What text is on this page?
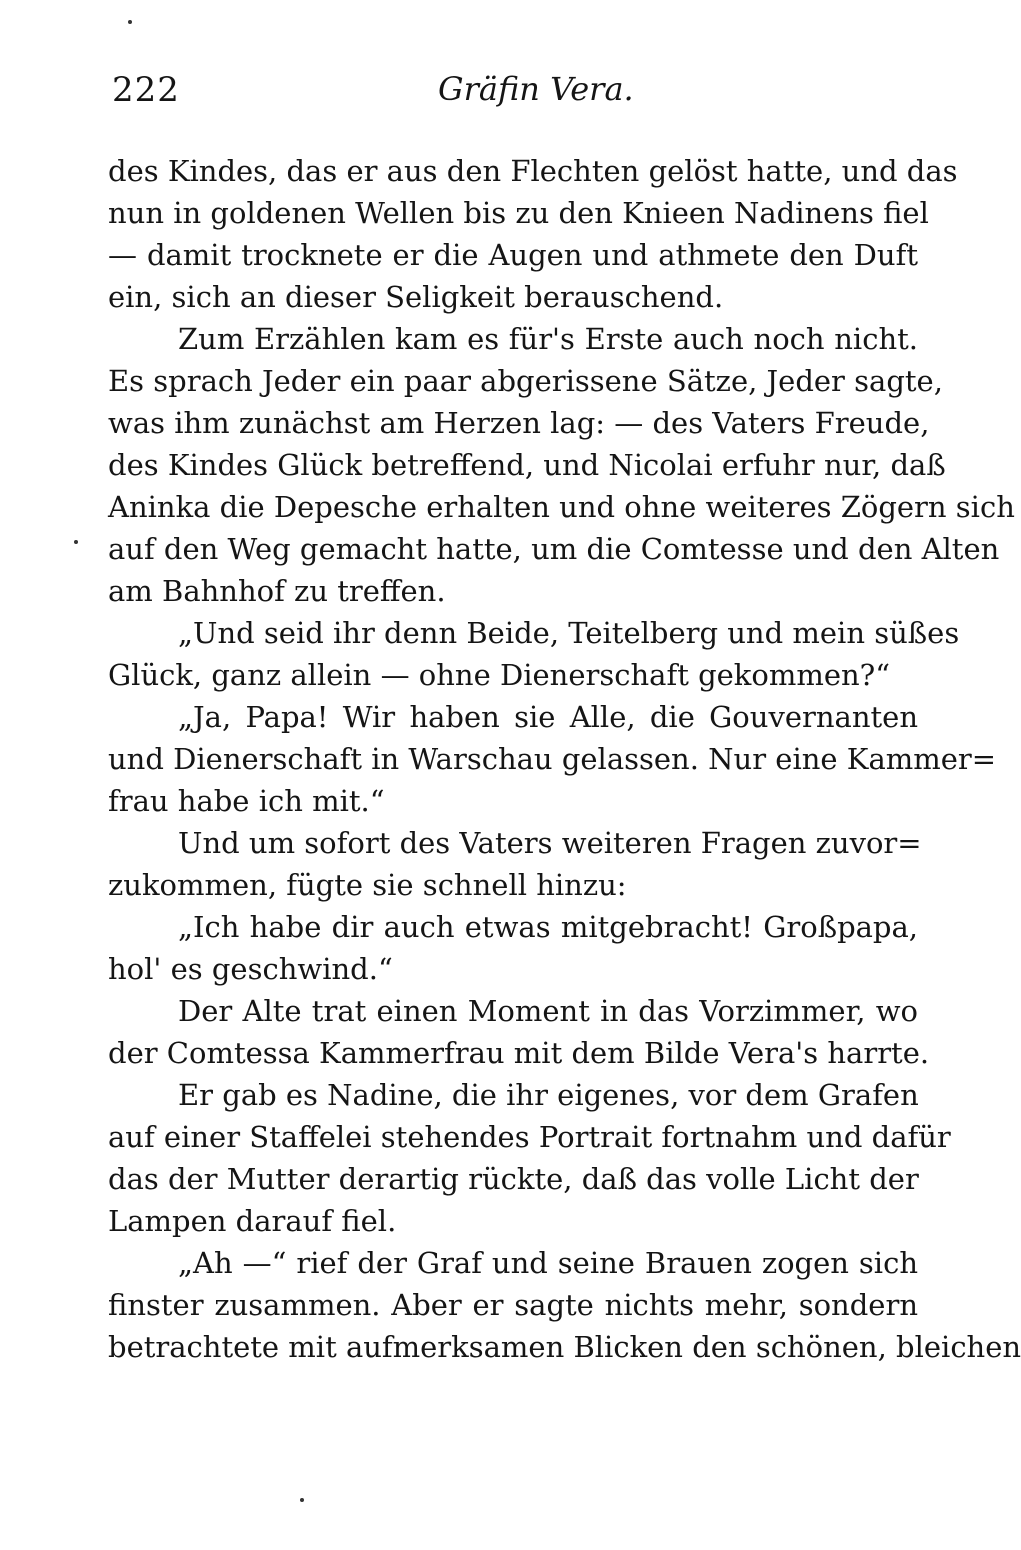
222	Gräfin Vera.
des Kindes, das er aus den Flechten gelöst hatte, und das
nun in goldenen Wellen bis zu den Knieen Nadinens fiel
— damit trocknete er die Augen und athmete den Duft
ein, sich an dieser Seligkeit berauschend.
Zum Erzählen kam es für's Erste auch noch nicht.
Es sprach Jeder ein paar abgerissene Sätze, Jeder sagte,
was ihm zunächst am Herzen lag: — des Vaters Freude,
des Kindes Glück betreffend, und Nicolai erfuhr nur, daß
Aninka die Depesche erhalten und ohne weiteres Zögern sich
auf den Weg gemacht hatte, um die Comtesse und den Alten
am Bahnhof zu treffen.
„Und seid ihr denn Beide, Teitelberg und mein süßes
Glück, ganz allein — ohne Dienerschaft gekommen?“
„Ja, Papa! Wir haben sie Alle, die Gouvernanten
und Dienerschaft in Warschau gelassen. Nur eine Kammer=
frau habe ich mit.“
Und um sofort des Vaters weiteren Fragen zuvor=
zukommen, fügte sie schnell hinzu:
„Ich habe dir auch etwas mitgebracht! Großpapa,
hol' es geschwind.“
Der Alte trat einen Moment in das Vorzimmer, wo
der Comtessa Kammerfrau mit dem Bilde Vera's harrte.
Er gab es Nadine, die ihr eigenes, vor dem Grafen
auf einer Staffelei stehendes Portrait fortnahm und dafür
das der Mutter derartig rückte, daß das volle Licht der
Lampen darauf fiel.
„Ah —“ rief der Graf und seine Brauen zogen sich
finster zusammen. Aber er sagte nichts mehr, sondern
betrachtete mit aufmerksamen Blicken den schönen, bleichen
